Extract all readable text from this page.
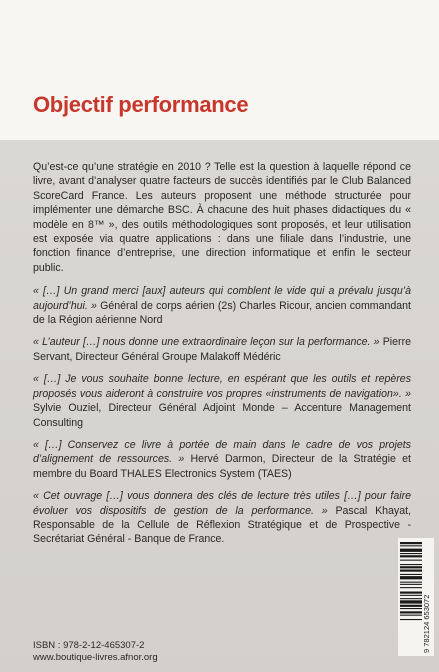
Objectif performance

Qu’est-ce qu’une stratégie en 2010 ? Telle est la question à laquelle répond ce livre, avant d’analyser quatre facteurs de succès identifiés par le Club Balanced ScoreCard France. Les auteurs proposent une méthode structurée pour implémenter une démarche BSC. À chacune des huit phases didactiques du « modèle en 8™ », des outils méthodologiques sont proposés, et leur utilisation est exposée via quatre applications : dans une filiale dans l’industrie, une fonction finance d’entreprise, une direction informatique et enfin le secteur public.

« […] Un grand merci [aux] auteurs qui comblent le vide qui a prévalu jusqu’à aujourd’hui. » Général de corps aérien (2s) Charles Ricour, ancien commandant de la Région aérienne Nord

« L’auteur […] nous donne une extraordinaire leçon sur la performance. » Pierre Servant, Directeur Général Groupe Malakoff Médéric

« […] Je vous souhaite bonne lecture, en espérant que les outils et repères proposés vous aideront à construire vos propres «instruments de navigation». » Sylvie Ouziel, Directeur Général Adjoint Monde – Accenture Management Consulting

« […] Conservez ce livre à portée de main dans le cadre de vos projets d’alignement de ressources. » Hervé Darmon, Directeur de la Stratégie et membre du Board THALES Electronics System (TAES)

« Cet ouvrage […] vous donnera des clés de lecture très utiles […] pour faire évoluer vos dispositifs de gestion de la performance. » Pascal Khayat, Responsable de la Cellule de Réflexion Stratégique et de Prospective - Secrétariat Général - Banque de France.

ISBN : 978-2-12-465307-2
www.boutique-livres.afnor.org
9 782124 653072
